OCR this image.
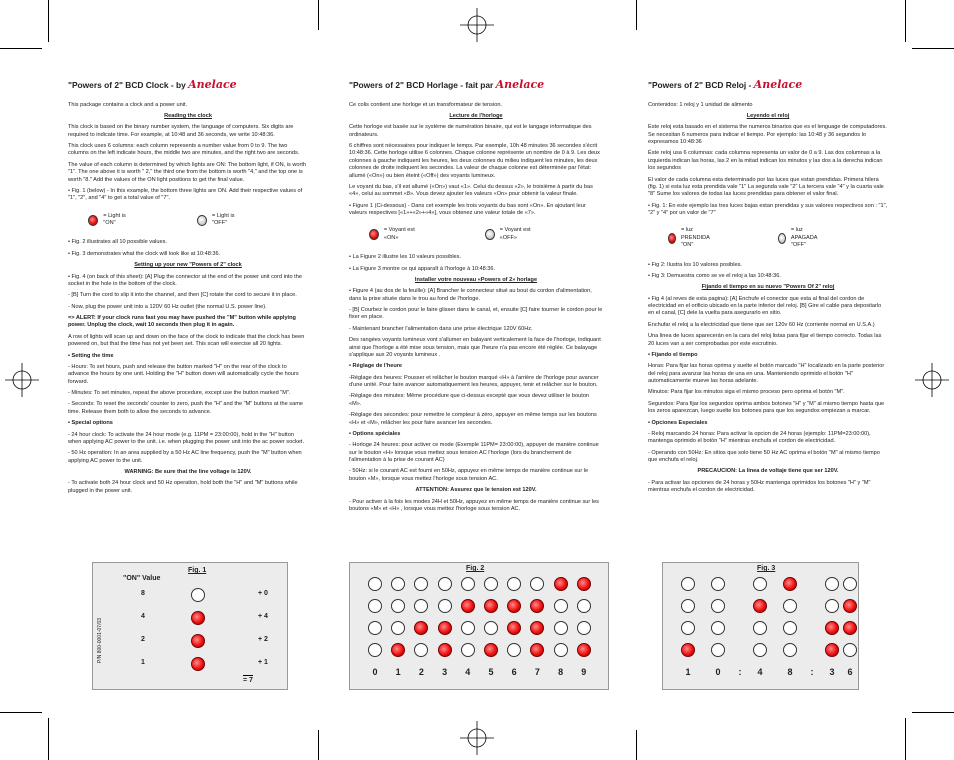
"Powers of 2" BCD Clock - by Anelace

This package contains a clock and a power unit.

Reading the clock

This clock is based on the binary number system, the language of computers. Six digits are required to indicate time. For example, at 10:48 and 36 seconds, we write 10:48:36.

This clock uses 6 columns: each column represents a number value from 0 to 9. The two columns on the left indicate hours, the middle two are minutes, and the right two are seconds.

The value of each column is determined by which lights are ON: The bottom light, if ON, is worth "1". The one above it is worth " 2," the third one from the bottom is worth "4," and the top one is worth "8." Add the values of the ON light positions to get the final value.

• Fig. 1 (below) - In this example, the bottom three lights are ON. Add their respective values of "1", "2", and "4" to get a total value of "7".

= Light is "ON"
= Light is "OFF"

• Fig. 2 illustrates all 10 possible values.

• Fig. 3 demonstrates what the clock will look like at 10:48:36.

Setting up your new "Powers of 2" clock

• Fig. 4 (on back of this sheet): [A] Plug the connector at the end of the power unit cord into the socket in the hole in the bottom of the clock.

- [B] Turn the cord to slip it into the channel, and then [C] rotate the cord to secure it in place.

- Now, plug the power unit into a 120V 60 Hz outlet (the normal U.S. power line).

=> ALERT: If your clock runs fast you may have pushed the "M" button while applying power. Unplug the clock, wait 10 seconds then plug it in again.

A row of lights will scan up and down on the face of the clock to indicate that the clock has been powered on, but that the time has not yet been set. This scan will exercise all 20 lights.

• Setting the time

- Hours: To set hours, push and release the button marked "H" on the rear of the clock to advance the hours by one unit. Holding the "H" button down will automatically cycle the hours forward.

- Minutes: To set minutes, repeat the above procedure, except use the button marked "M".

- Seconds: To reset the seconds' counter to zero, push the "H" and the "M" buttons at the same time. Release them both to allow the seconds to advance.

• Special options

- 24 hour clock: To activate the 24 hour mode (e.g. 11PM = 23:00:00), hold in the "H" button when applying AC power to the unit. i.e. when plugging the power unit into the ac power socket.

- 50 Hz operation: In an area supplied by a 50 Hz AC line frequency, push the "M" button when applying AC power to the unit.

WARNING: Be sure that the line voltage is 120V.

- To activate both 24 hour clock and 50 Hz operation, hold both the "H" and "M" buttons while plugged in the power unit.

"Powers of 2" BCD Horlage - fait par Anelace

Ce colis contient une horloge et un transformateur de tension.

Lecture de l'horloge

Cette horloge est basée sur le système de numération binaire, qui est le langage informatique des ordinateurs.

6 chiffres sont nécessaires pour indiquer le temps. Par exemple, 10h 48 minutes 36 secondes s'écrit 10:48:36. Cette horloge utilise 6 colonnes. Chaque colonne représente un nombre de 0 à 9. Les deux colonnes à gauche indiquent les heures, les deux colonnes du milieu indiquent les minutes, les deux colonnes de droite indiquent les secondes. La valeur de chaque colonne est déterminée par l'état: allumé («On») ou bien éteint («Off») des voyants lumineux.

Le voyant du bas, s'il est allumé («On») vaut «1». Celui du dessus «2», le troisième à partir du bas «4», celui au sommet «8». Vous devez ajouter les valeurs «On» pour obtenir la valeur finale.

• Figure 1 (Ci-dessous) - Dans cet exemple les trois voyants du bas sont «On». En ajoutant leur valeurs respectives [«1»+«2»+«4»], vous obtenez une valeur totale de «7».

= Voyant est «ON»
= Voyant est «OFF»

• La Figure 2 illustre les 10 valeurs possibles.

• La Figure 3 montre ce qui apparaît à l'horloge à 10:48:36.

Installer votre nouveau «Powers of 2» horlage

• Figure 4 (au dos de la feuille): [A] Brancher le connecteur situé au bout du cordon d'alimentation, dans la prise située dans le trou au fond de l'horloge.

- [B] Courbez le cordon pour le faire glisser dans le canal, et, ensuite [C] faire tourner le cordon pour le fixer en place.

- Maintenant brancher l'alimentation dans une prise électrique 120V 60Hz.

Des rangées voyants lumineux vont s'allumer en balayant verticalement la face de l'horloge, indiquant ainsi que l'horloge a été mise sous tension, mais que l'heure n'a pas encore été réglée. Ce balayage s'applique aux 20 voyants lumineux .

• Réglage de l'heure

-Réglage des heures: Pousser et relâcher le bouton marqué «H» à l'arrière de l'horloge pour avancer d'une unité. Pour faire avancer automatiquement les heures, appuyer, tenir et relâcher sur le bouton.

-Réglage des minutes: Même procédure que ci-dessus excepté que vous devez utiliser le bouton «M».

-Réglage des secondes: pour remettre le compteur à zéro, appuyer en même temps sur les boutons «H» et «M», relâcher les pour faire avancer les secondes.

• Options spéciales

- Horloge 24 heures: pour activer ce mode (Exemple 11PM= 23:00:00), appuyer de manière continue sur le bouton «H» lorsque vous mettez sous tension AC l'horloge (lors du branchement de l'alimentation à la prise de courant AC)

- 50Hz: si le courant AC est fourni en 50Hz, appuyez en même temps de manière continue sur le bouton «M», lorsque vous mettez l'horloge sous tension AC.

ATTENTION: Assurez que le tension est 120V.

- Pour activer à la fois les modes 24H et 50Hz, appuyez en même temps de manière continue sur les boutons «M» et «H» , lorsque vous mettez l'horloge sous tension AC.

"Powers of 2" BCD Reloj - Anelace

Contenidos: 1 reloj y 1 unidad de alimento

Leyendo el reloj

Este reloj esta basado en el sistema the numeros binarios que es el lenguage de computadores. Se necesitan 6 numeros para indicar el tiempo. Por ejemplo: las 10:48 y 36 segundos lo expresamos 10:48:36

Éste reloj usa 6 columnas: cada columna representa un valor de 0 a 9. Las dos columnas a la izquierda indican las horas, las 2 en la mitad indican los minutos y las dos a la derecha indican los segundos

El valor de cada columna esta determinado por las luces que estan prendidas. Primera hilera (fig. 1) si esta luz esta prendida vale "1" La segunda vale "2" La tercera vale "4" y la cuarta vale "8" Sume los valores de todas las luces prendidas para obtener el valor final.

• Fig. 1: En este ejemplo las tres luces bajas estan prendidas y sus valores respectivos son : "1", "2" y "4" por un valor de "7"

= luz PRENDIDA "ON"
= luz APAGADA "OFF"

• Fig 2: Ilustra los 10 valores posibles.

• Fig 3: Demuestra como se ve el reloj a las 10:48:36.

Fijando el tiempo en su nuevo "Powers Of 2" reloj

• Fig 4 (al reves de esta pagina): [A] Enchufe el conector que esta al final del cordon de electricidad en el orificio ubicado en la parte inferior del reloj. [B] Gire el cable para depositarlo en el canal, [C] dele la vuelta para asegurarlo en sitio.

Enchufar el reloj a la electricidad que tiene que ser 120v 60 Hz (corriente normal en U.S.A.)

Una linea de luces aparecerán en la cara del reloj listas para fijar el tiempo correcto. Todas las 20 luces van a ser comprobadas por este escrutinio.

• Fijando el tiempo

Horas: Para fijar las horas oprima y suelte el botón marcado "H" localizado en la parte posterior del reloj para avanzar las horas de una en una. Manteniendo oprimido el botón "H" automaticamente mueve las horas adelante.

Minutos: Para fijar los minutos siga el mismo proceso pero oprima el botón "M".

Segundos: Para fijar los segundos oprima ambos botones "H" y "M" al mismo tiempo hasta que los zeros aparezcan, luego suelte los botones para que los segundos empiezan a marcar.

• Opciones Especiales

- Reloj marcando 24 horas: Para activar la opcion de 24 horas (ejemplo: 11PM=23:00:00), mantenga oprimido el botón "H" mientras enchufa el cordon de electricidad.

- Operando con 50Hz: En sitios que solo tiene 50 Hz AC oprima el botón "M" al mismo tiempo que enchufa el reloj.

PRECAUCION: La linea de voltaje tiene que ser 120V.

- Para activar las opciones de 24 horas y 50Hz mantenga oprimidos los botones "H" y "M" mientras enchufa el cordon de electricidad.

Fig. 1
"ON" Value
P/N 800-0001-07/03
= 7
8	+ 0
4	+ 4
2	+ 2
1	+ 1
Fig. 2
0	1	2	3	4	5	6	7	8	9
Fig. 3
1	0	:	4	8	:	3	6
